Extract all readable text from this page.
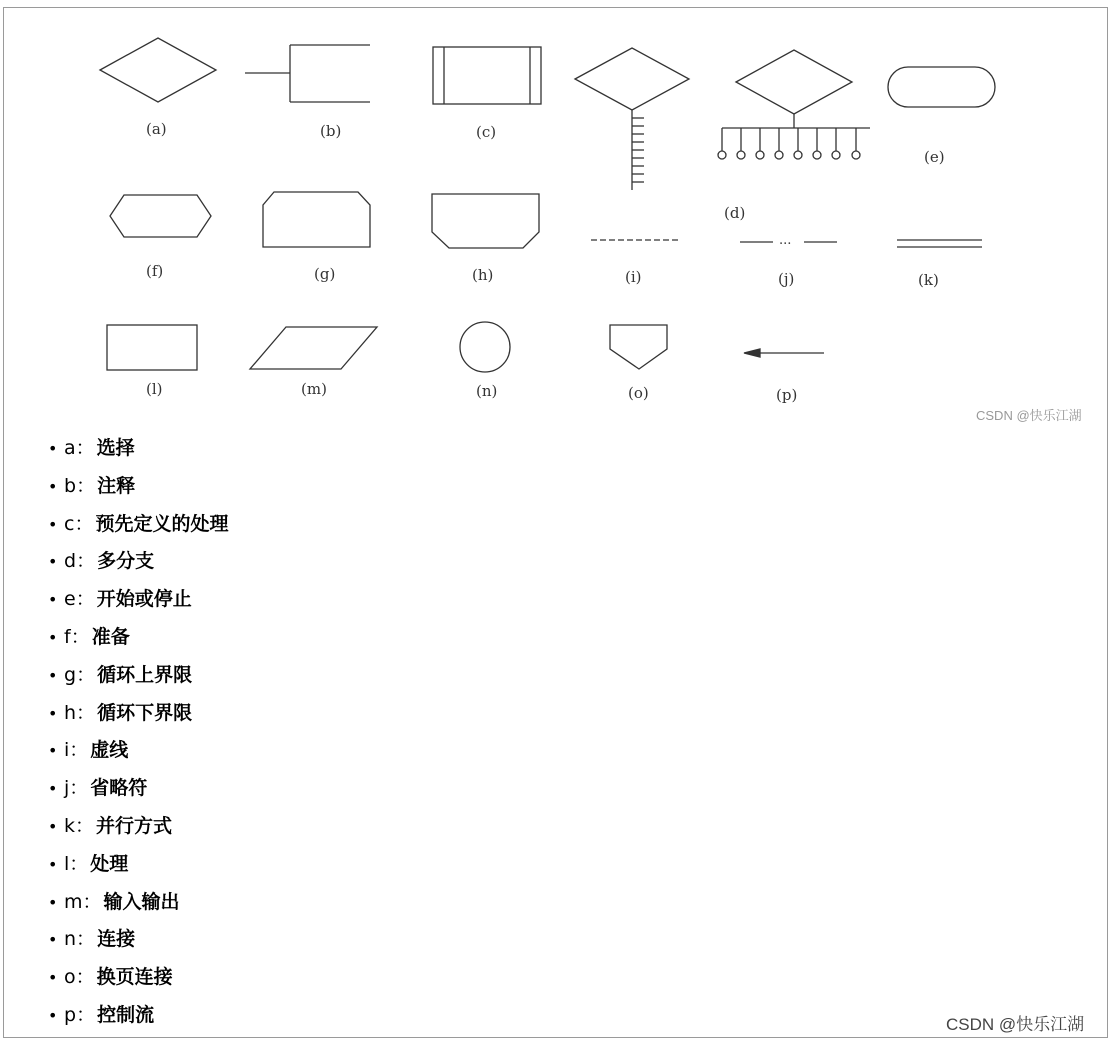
(a)	(b)	(c)
(d)
(e)
(f)	(g)	(h)	(i)
...
(j)	(k)
(l)	(m)	(n)	(o)	(p)
CSDN @快乐江湖
• a： 选择
• b： 注释
• c： 预先定义的处理
• d： 多分支
• e： 开始或停止
• f： 准备
• g： 循环上界限
• h： 循环下界限
• i： 虚线
• j： 省略符
• k： 并行方式
• l： 处理
• m： 输入输出
• n： 连接
• o： 换页连接
• p： 控制流	CSDN @快乐江湖
